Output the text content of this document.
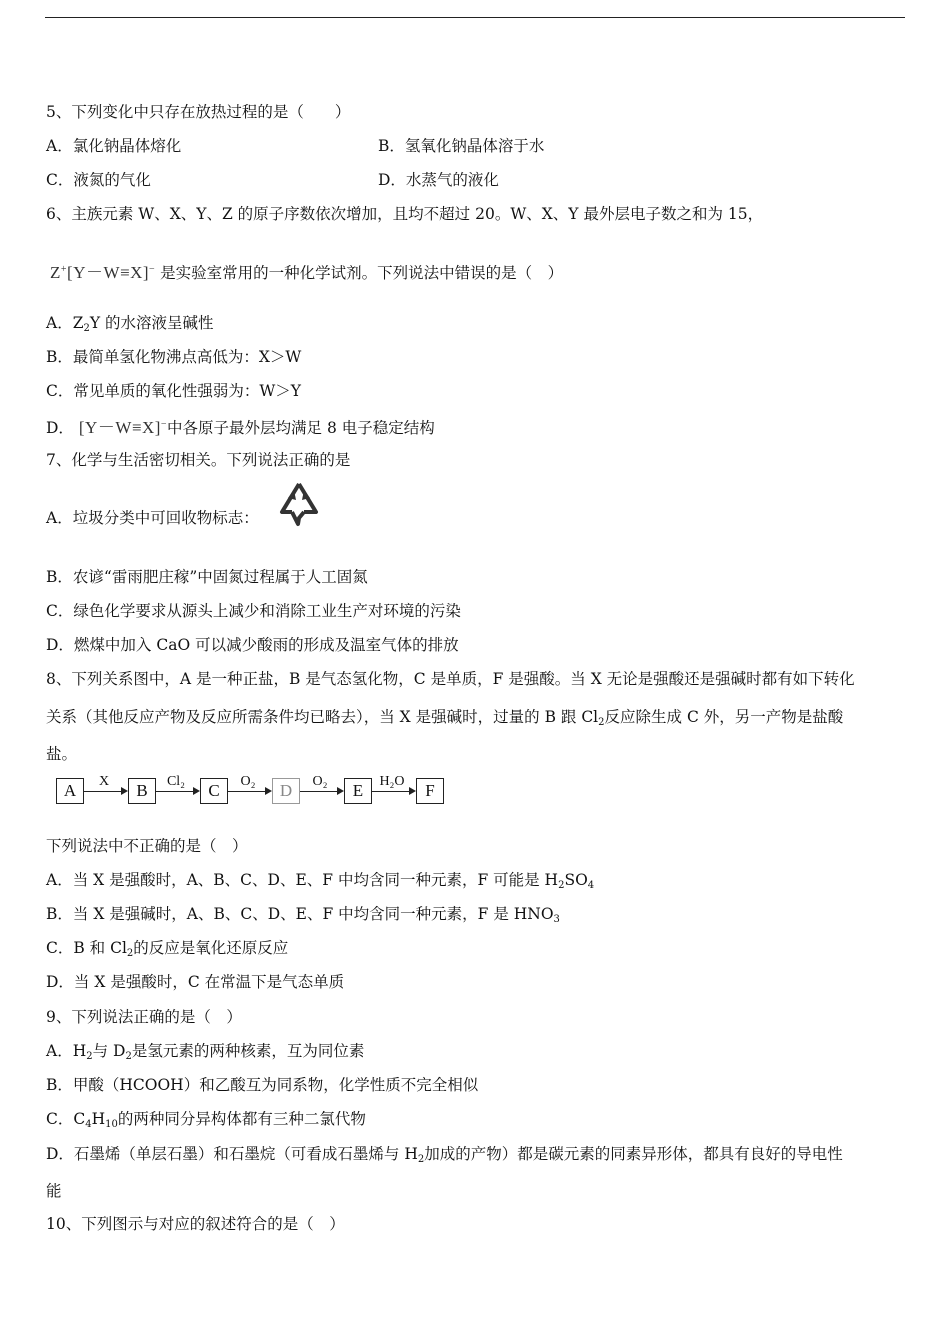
5、下列变化中只存在放热过程的是（　　）
A．氯化钠晶体熔化	B．氢氧化钠晶体溶于水
C．液氮的气化	D．水蒸气的液化
6、主族元素 W、X、Y、Z 的原子序数依次增加，且均不超过 20。W、X、Y 最外层电子数之和为 15，
Z+[Y－W≡X]− 是实验室常用的一种化学试剂。下列说法中错误的是（　）
A．$Z_2Y$ 的水溶液呈碱性
B．最简单氢化物沸点高低为：X＞W
C．常见单质的氧化性强弱为：W＞Y
D． [Y－W≡X]−中各原子最外层均满足 8 电子稳定结构
7、化学与生活密切相关。下列说法正确的是
A．垃圾分类中可回收物标志：
B．农谚“雷雨肥庄稼”中固氮过程属于人工固氮
C．绿色化学要求从源头上减少和消除工业生产对环境的污染
D．燃煤中加入 CaO 可以减少酸雨的形成及温室气体的排放
8、下列关系图中，A 是一种正盐，B 是气态氢化物，C 是单质，F 是强酸。当 X 无论是强酸还是强碱时都有如下转化
关系（其他反应产物及反应所需条件均已略去），当 X 是强碱时，过量的 B 跟 $Cl_2$反应除生成 C 外，另一产物是盐酸
盐。
A	X	B	Cl₂	C	O₂	D	O₂	E	H₂O	F
下列说法中不正确的是（　）
A．当 X 是强酸时，A、B、C、D、E、F 中均含同一种元素，F 可能是 $H_2SO_4$
B．当 X 是强碱时，A、B、C、D、E、F 中均含同一种元素，F 是 $HNO_3$
C．B 和 $Cl_2$的反应是氧化还原反应
D．当 X 是强酸时，C 在常温下是气态单质
9、下列说法正确的是（　）
A．$H_2$与 $D_2$是氢元素的两种核素，互为同位素
B．甲酸（HCOOH）和乙酸互为同系物，化学性质不完全相似
C．$C_4H_{10}$的两种同分异构体都有三种二氯代物
D．石墨烯（单层石墨）和石墨烷（可看成石墨烯与 $H_2$加成的产物）都是碳元素的同素异形体，都具有良好的导电性
能
10、下列图示与对应的叙述符合的是（　）
